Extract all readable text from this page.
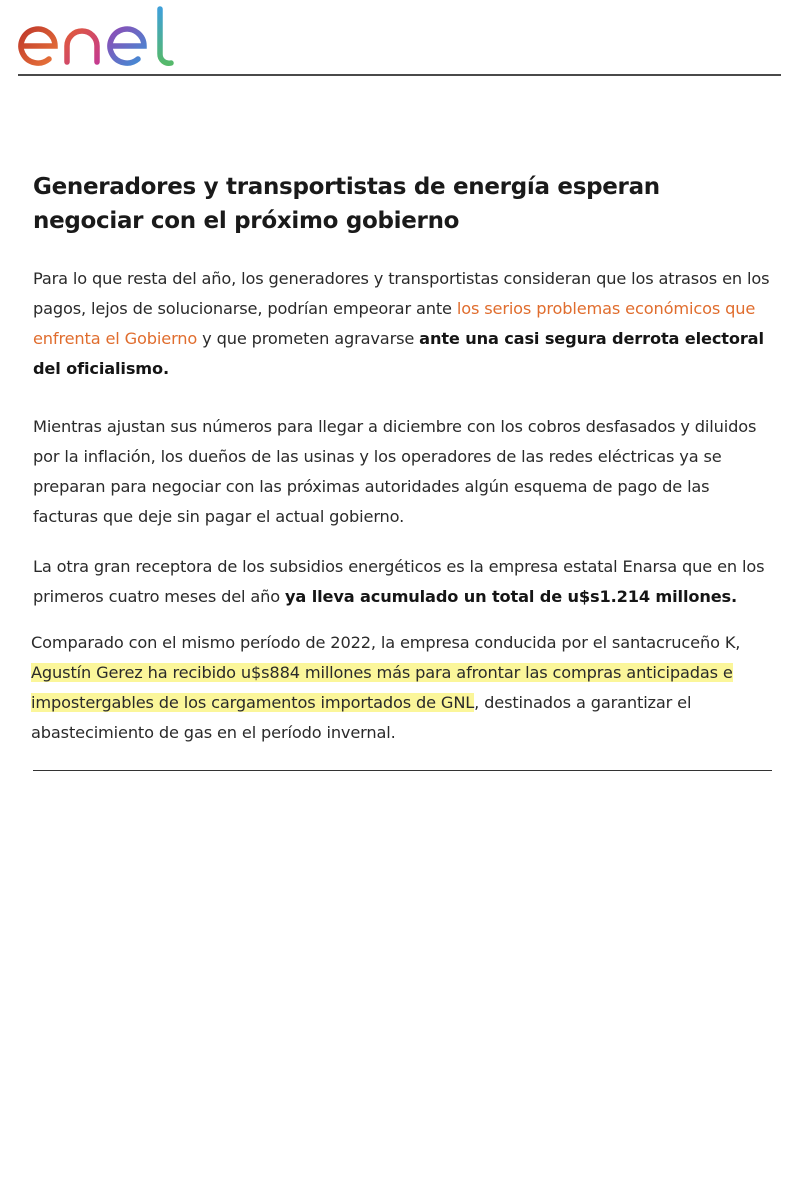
Generadores y transportistas de energía esperan negociar con el próximo gobierno

Para lo que resta del año, los generadores y transportistas consideran que los atrasos en los pagos, lejos de solucionarse, podrían empeorar ante los serios problemas económicos que enfrenta el Gobierno y que prometen agravarse ante una casi segura derrota electoral del oficialismo.

Mientras ajustan sus números para llegar a diciembre con los cobros desfasados y diluidos por la inflación, los dueños de las usinas y los operadores de las redes eléctricas ya se preparan para negociar con las próximas autoridades algún esquema de pago de las facturas que deje sin pagar el actual gobierno.

La otra gran receptora de los subsidios energéticos es la empresa estatal Enarsa que en los primeros cuatro meses del año ya lleva acumulado un total de u$s1.214 millones.

Comparado con el mismo período de 2022, la empresa conducida por el santacruceño K, Agustín Gerez ha recibido u$s884 millones más para afrontar las compras anticipadas e impostergables de los cargamentos importados de GNL, destinados a garantizar el abastecimiento de gas en el período invernal.
